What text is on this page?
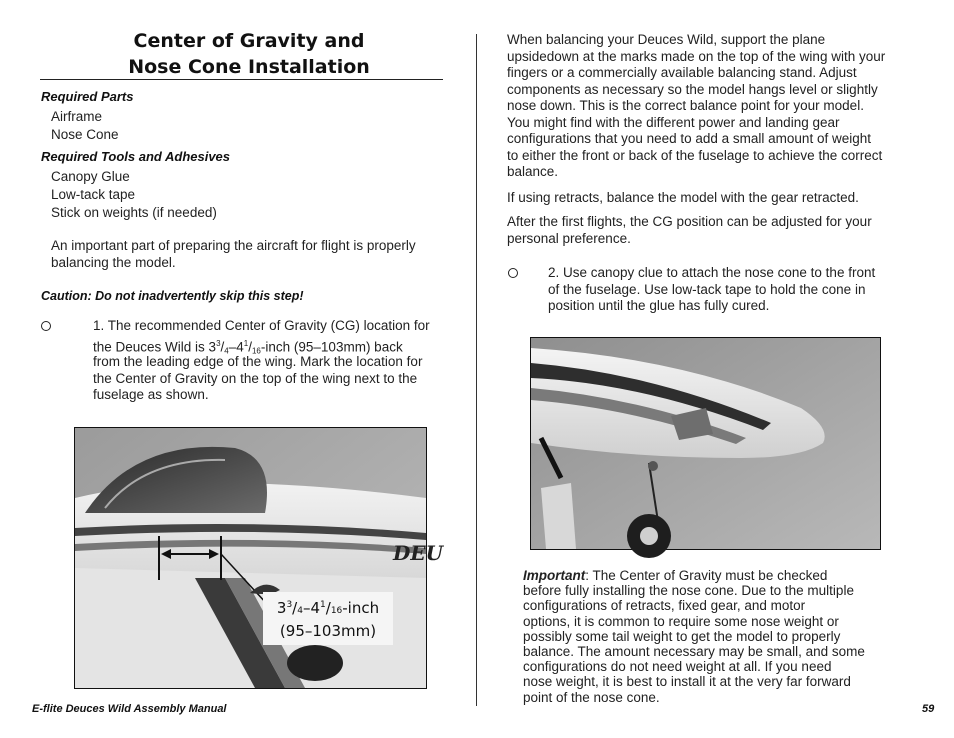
Center of Gravity and
Nose Cone Installation
Required Parts
Airframe
Nose Cone
Required Tools and Adhesives
Canopy Glue
Low-tack tape
Stick on weights (if needed)
An important part of preparing the aircraft for flight is properly
balancing the model.
Caution: Do not inadvertently skip this step!
1. The recommended Center of Gravity (CG) location for
the Deuces Wild is $3^3/4-4^1/16$-inch (95–103mm) back
from the leading edge of the wing. Mark the location for
the Center of Gravity on the top of the wing next to the
fuselage as shown.
DEU
$3^3/4-4^1/16$-inch
(95–103mm)
When balancing your Deuces Wild, support the plane
upsidedown at the marks made on the top of the wing with your
fingers or a commercially available balancing stand. Adjust
components as necessary so the model hangs level or slightly
nose down. This is the correct balance point for your model.
You might find with the different power and landing gear
configurations that you need to add a small amount of weight
to either the front or back of the fuselage to achieve the correct
balance.
If using retracts, balance the model with the gear retracted.
After the first flights, the CG position can be adjusted for your
personal preference.
2. Use canopy clue to attach the nose cone to the front
of the fuselage. Use low-tack tape to hold the cone in
position until the glue has fully cured.
Important: The Center of Gravity must be checked
before fully installing the nose cone. Due to the multiple
configurations of retracts, fixed gear, and motor
options, it is common to require some nose weight or
possibly some tail weight to get the model to properly
balance. The amount necessary may be small, and some
configurations do not need weight at all. If you need
nose weight, it is best to install it at the very far forward
point of the nose cone.
E-flite Deuces Wild Assembly Manual	59
